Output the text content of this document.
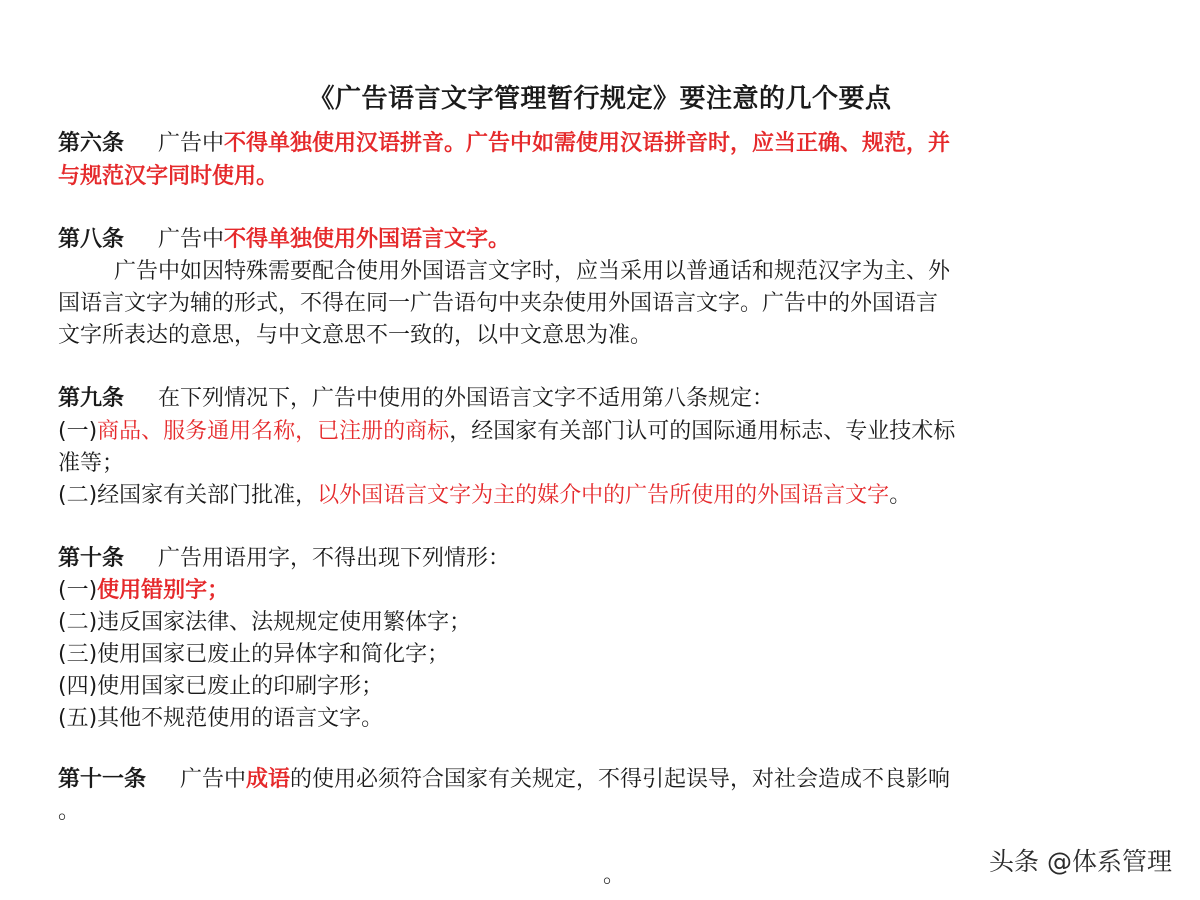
《广告语言文字管理暂行规定》要注意的几个要点
第六条 广告中不得单独使用汉语拼音。广告中如需使用汉语拼音时，应当正确、规范，并
与规范汉字同时使用。
第八条 广告中不得单独使用外国语言文字。
广告中如因特殊需要配合使用外国语言文字时，应当采用以普通话和规范汉字为主、外
国语言文字为辅的形式，不得在同一广告语句中夹杂使用外国语言文字。广告中的外国语言
文字所表达的意思，与中文意思不一致的，以中文意思为准。
第九条 在下列情况下，广告中使用的外国语言文字不适用第八条规定：
(一)商品、服务通用名称，已注册的商标，经国家有关部门认可的国际通用标志、专业技术标
准等；
(二)经国家有关部门批准，以外国语言文字为主的媒介中的广告所使用的外国语言文字。
第十条 广告用语用字，不得出现下列情形：
(一)使用错别字；
(二)违反国家法律、法规规定使用繁体字；
(三)使用国家已废止的异体字和简化字；
(四)使用国家已废止的印刷字形；
(五)其他不规范使用的语言文字。
第十一条 广告中成语的使用必须符合国家有关规定，不得引起误导，对社会造成不良影响
。
。	头条 @体系管理
